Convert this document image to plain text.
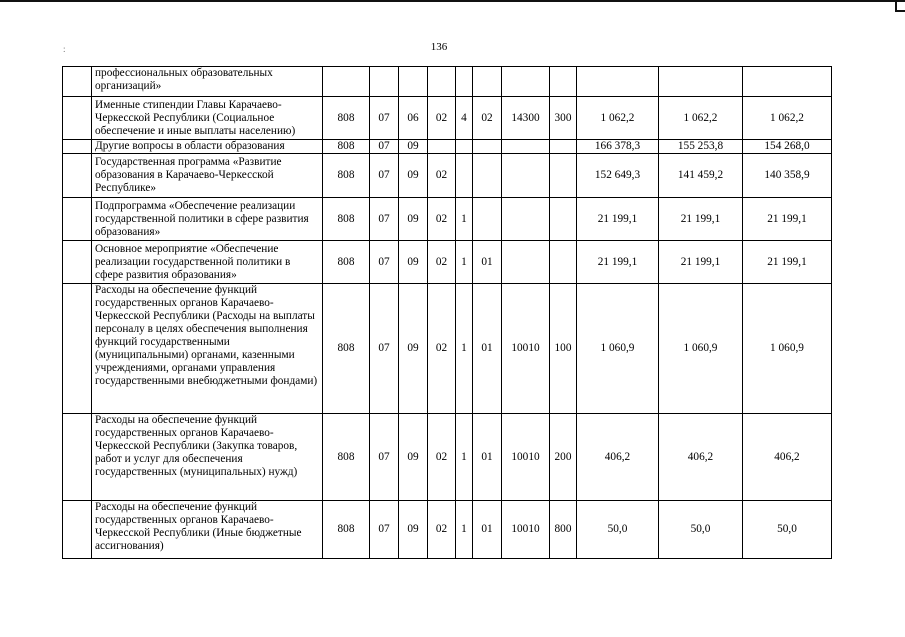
:	136
	профессиональных образовательных организаций»											
	Именные стипендии Главы Карачаево-Черкесской Республики (Социальное обеспечение и иные выплаты населению)	808	07	06	02	4	02	14300	300	1 062,2	1 062,2	1 062,2
	Другие вопросы в области образования	808	07	09						166 378,3	155 253,8	154 268,0
	Государственная программа «Развитие образования в Карачаево-Черкесской Республике»	808	07	09	02					152 649,3	141 459,2	140 358,9
	Подпрограмма «Обеспечение реализации государственной политики в сфере развития образования»	808	07	09	02	1				21 199,1	21 199,1	21 199,1
	Основное мероприятие «Обеспечение реализации государственной политики в сфере развития образования»	808	07	09	02	1	01			21 199,1	21 199,1	21 199,1
	Расходы на обеспечение функций государственных органов Карачаево-Черкесской Республики (Расходы на выплаты персоналу в целях обеспечения выполнения функций государственными (муниципальными) органами, казенными учреждениями, органами управления государственными внебюджетными фондами)	808	07	09	02	1	01	10010	100	1 060,9	1 060,9	1 060,9
	Расходы на обеспечение функций государственных органов Карачаево-Черкесской Республики (Закупка товаров, работ и услуг для обеспечения государственных (муниципальных) нужд)	808	07	09	02	1	01	10010	200	406,2	406,2	406,2
	Расходы на обеспечение функций государственных органов Карачаево-Черкесской Республики (Иные бюджетные ассигнования)	808	07	09	02	1	01	10010	800	50,0	50,0	50,0
